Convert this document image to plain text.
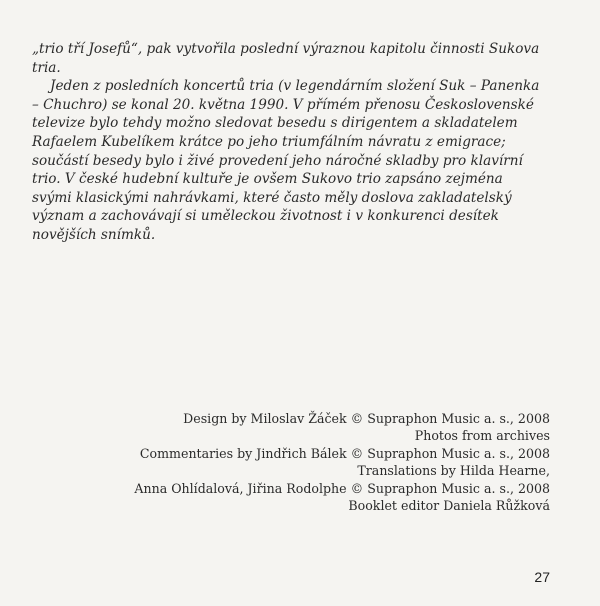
„trio tří Josefů“, pak vytvořila poslední výraznou kapitolu činnosti Sukova
tria.
Jeden z posledních koncertů tria (v legendárním složení Suk – Panenka
– Chuchro) se konal 20. května 1990. V přímém přenosu Československé
televize bylo tehdy možno sledovat besedu s dirigentem a skladatelem
Rafaelem Kubelíkem krátce po jeho triumfálním návratu z emigrace;
součástí besedy bylo i živé provedení jeho náročné skladby pro klavírní
trio. V české hudební kultuře je ovšem Sukovo trio zapsáno zejména
svými klasickými nahrávkami, které často měly doslova zakladatelský
význam a zachovávají si uměleckou životnost i v konkurenci desítek
novějších snímků.
Design by Miloslav Žáček © Supraphon Music a. s., 2008
Photos from archives
Commentaries by Jindřich Bálek © Supraphon Music a. s., 2008
Translations by Hilda Hearne,
Anna Ohlídalová, Jiřina Rodolphe © Supraphon Music a. s., 2008
Booklet editor Daniela Růžková
27
